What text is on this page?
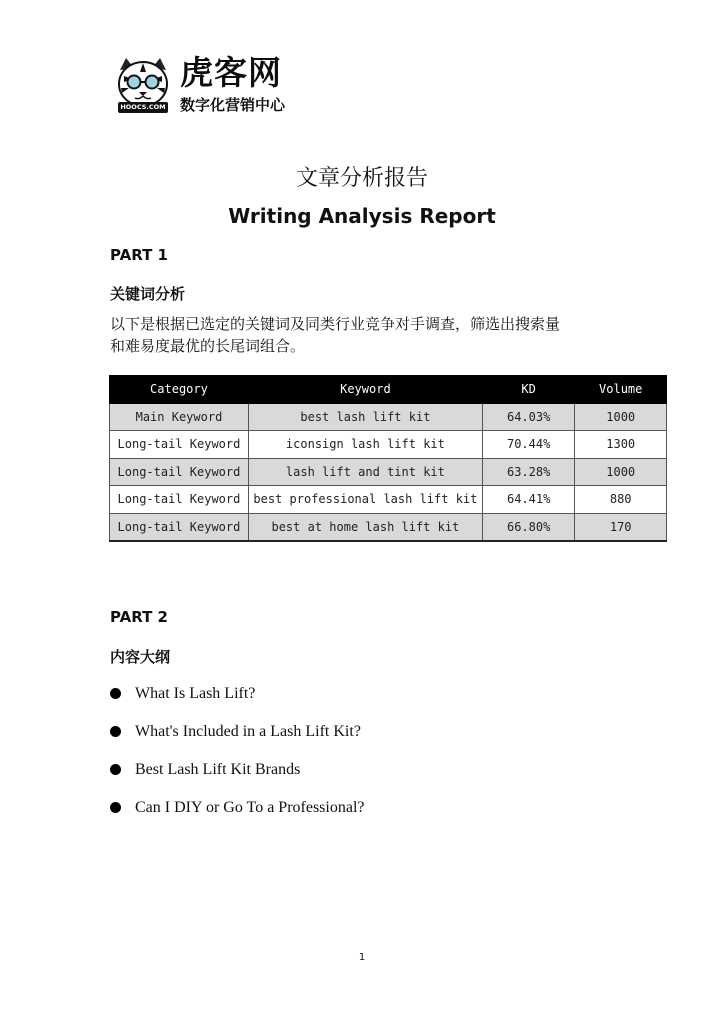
HOOCS.COM
虎客网
数字化营销中心
文章分析报告
Writing Analysis Report
PART 1
关键词分析
以下是根据已选定的关键词及同类行业竞争对手调查，筛选出搜索量
和难易度最优的长尾词组合。
Category	Keyword	KD	Volume
Main Keyword	best lash lift kit	64.03%	1000
Long-tail Keyword	iconsign lash lift kit	70.44%	1300
Long-tail Keyword	lash lift and tint kit	63.28%	1000
Long-tail Keyword	best professional lash lift kit	64.41%	880
Long-tail Keyword	best at home lash lift kit	66.80%	170
PART 2
内容大纲
What Is Lash Lift?
What's Included in a Lash Lift Kit?
Best Lash Lift Kit Brands
Can I DIY or Go To a Professional?
1
